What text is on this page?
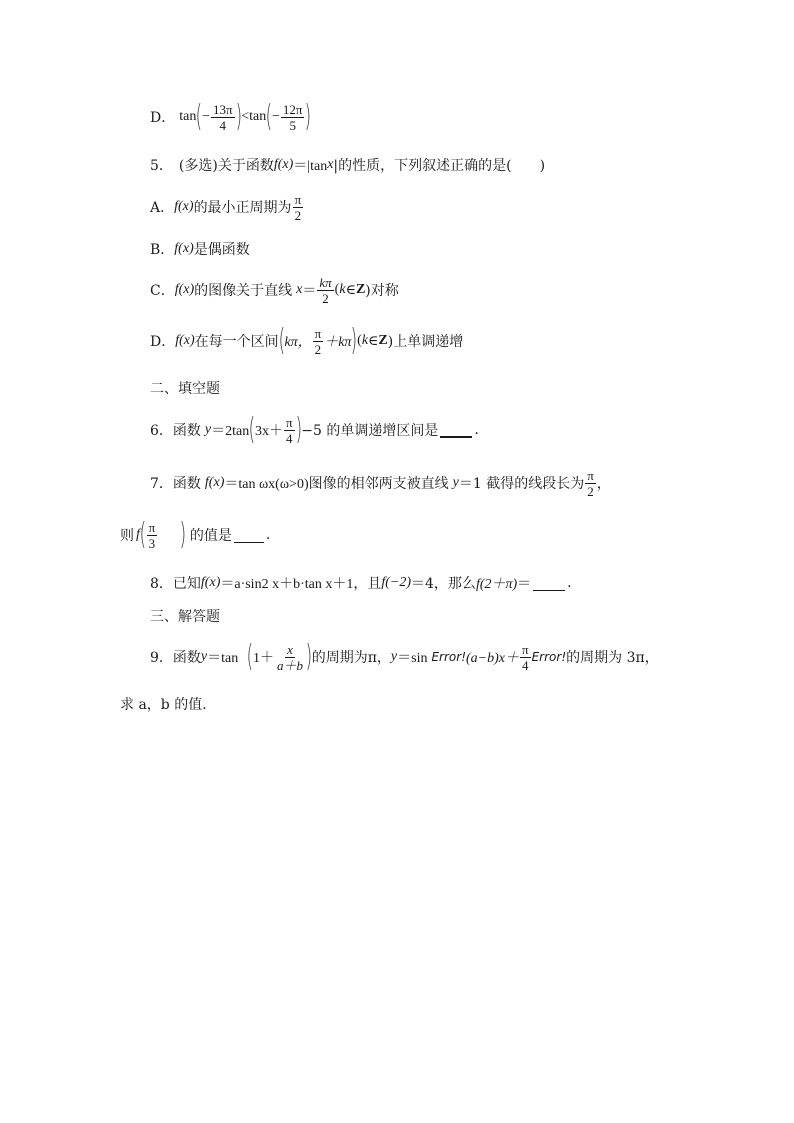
D． tan ( − $\frac{13\pi}{4}$ ) < tan ( − $\frac{12\pi}{5}$ )
5． (多选)关于函数 f(x) ＝|tan x |的性质，下列叙述正确的是(　　)
A． f(x) 的最小正周期为 $\frac{\pi}{2}$
B． f(x) 是偶函数
C． f(x) 的图像关于直线 $x = \frac{k\pi}{2}$ ( k ∈ Z )对称
D． f(x) 在每一个区间 ( kπ， $\frac{\pi}{2} +k\pi$ ) ( k ∈ Z )上单调递增
二、填空题
6． 函数 y ＝2tan ( $3x+ \frac{\pi}{4}$ ) −5 的单调递增区间是	.
7． 函数 f(x) ＝tan ωx(ω>0)图像的相邻两支被直线 y ＝1 截得的线段长为 $\frac{\pi}{2}$ ，
则 f ( $\frac{\pi}{3}$ ) 的值是 .
8． 已知 f(x) ＝a·sin2 x＋b·tan x＋1，且 f(−2) ＝4，那么 f(2＋π) ＝	.
三、解答题
9． 函数 y ＝tan ( $1+ \frac{x}{a+b}$ ) 的周期为π， y ＝sin Error! $(a-b)x+ \frac{\pi}{4}$ Error! 的周期为 3π，
求 a，b 的值．
